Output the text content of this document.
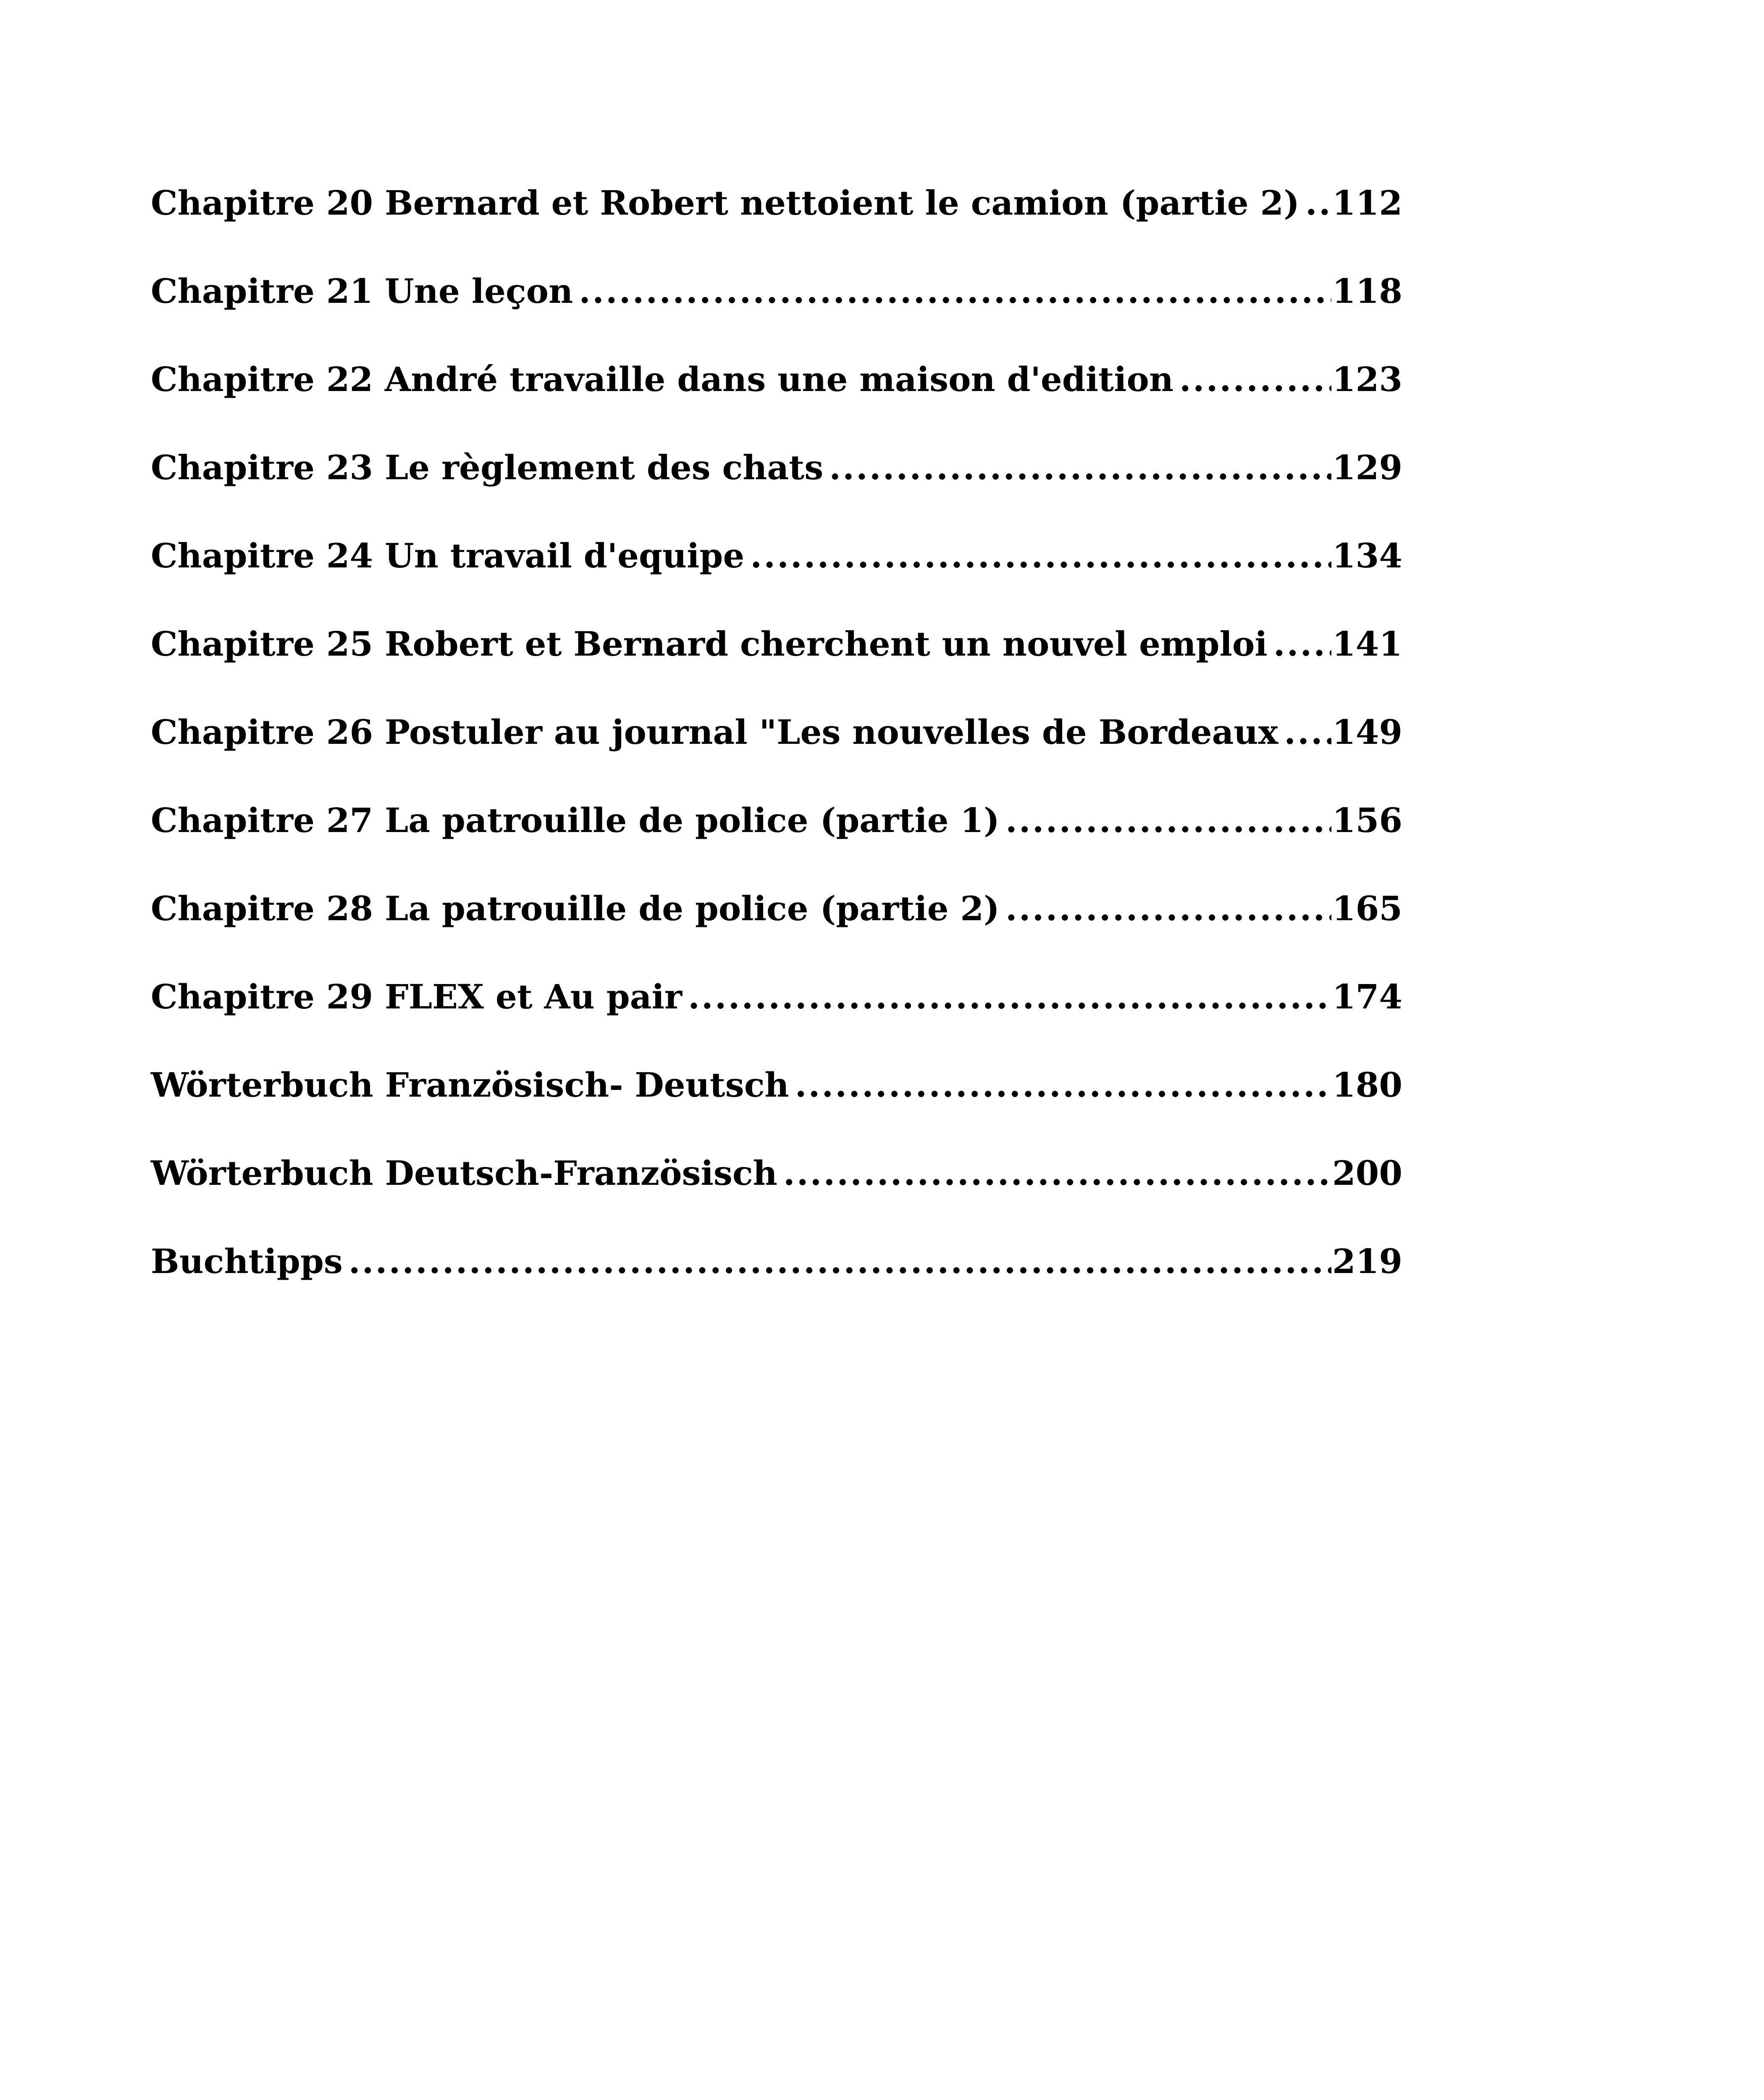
Chapitre 20 Bernard et Robert nettoient le camion (partie 2) ..... 112
Chapitre 21 Une leçon .....	118
Chapitre 22 André travaille dans une maison d'edition .....	123
Chapitre 23 Le règlement des chats .....	129
Chapitre 24 Un travail d'equipe .....	134
Chapitre 25 Robert et Bernard cherchent un nouvel emploi ..... 141
Chapitre 26 Postuler au journal "Les nouvelles de Bordeaux ..... 149
Chapitre 27 La patrouille de police (partie 1) .....	156
Chapitre 28 La patrouille de police (partie 2) .....	165
Chapitre 29 FLEX et Au pair .....	174
Wörterbuch Französisch- Deutsch .....	180
Wörterbuch Deutsch-Französisch .....	200
Buchtipps .....	219
